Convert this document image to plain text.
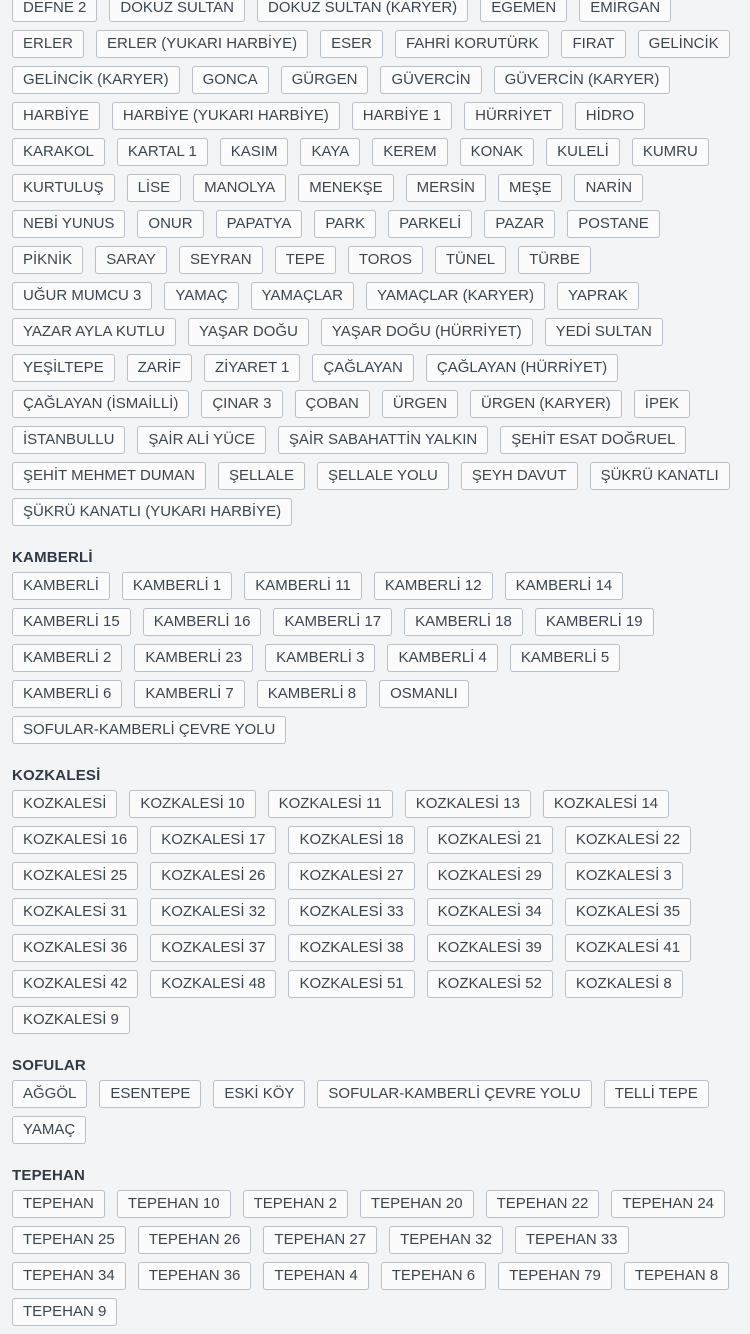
DEFNE 2	DOKUZ SULTAN	DOKUZ SULTAN (KARYER)	EGEMEN	EMİRGAN
ERLER	ERLER (YUKARI HARBİYE)	ESER	FAHRİ KORUTÜRK	FIRAT	GELİNCİK
GELİNCİK (KARYER)	GONCA	GÜRGEN	GÜVERCİN	GÜVERCİN (KARYER)
HARBİYE	HARBİYE (YUKARI HARBİYE)	HARBİYE 1	HÜRRİYET	HİDRO
KARAKOL	KARTAL 1	KASIM	KAYA	KEREM	KONAK	KULELİ	KUMRU
KURTULUŞ	LİSE	MANOLYA	MENEKŞE	MERSİN	MEŞE	NARİN
NEBİ YUNUS	ONUR	PAPATYA	PARK	PARKELİ	PAZAR	POSTANE
PİKNİK	SARAY	SEYRAN	TEPE	TOROS	TÜNEL	TÜRBE
UĞUR MUMCU 3	YAMAÇ	YAMAÇLAR	YAMAÇLAR (KARYER)	YAPRAK
YAZAR AYLA KUTLU	YAŞAR DOĞU	YAŞAR DOĞU (HÜRRİYET)	YEDİ SULTAN
YEŞİLTEPE	ZARİF	ZİYARET 1	ÇAĞLAYAN	ÇAĞLAYAN (HÜRRİYET)
ÇAĞLAYAN (İSMAİLLİ)	ÇINAR 3	ÇOBAN	ÜRGEN	ÜRGEN (KARYER)	İPEK
İSTANBULLU	ŞAİR ALİ YÜCE	ŞAİR SABAHATTİN YALKIN	ŞEHİT ESAT DOĞRUEL
ŞEHİT MEHMET DUMAN	ŞELLALE	ŞELLALE YOLU	ŞEYH DAVUT	ŞÜKRÜ KANATLI
ŞÜKRÜ KANATLI (YUKARI HARBİYE)
KAMBERLİ
KAMBERLİ	KAMBERLİ 1	KAMBERLİ 11	KAMBERLİ 12	KAMBERLİ 14
KAMBERLİ 15	KAMBERLİ 16	KAMBERLİ 17	KAMBERLİ 18	KAMBERLİ 19
KAMBERLİ 2	KAMBERLİ 23	KAMBERLİ 3	KAMBERLİ 4	KAMBERLİ 5
KAMBERLİ 6	KAMBERLİ 7	KAMBERLİ 8	OSMANLI
SOFULAR-KAMBERLİ ÇEVRE YOLU
KOZKALESİ
KOZKALESİ	KOZKALESİ 10	KOZKALESİ 11	KOZKALESİ 13	KOZKALESİ 14
KOZKALESİ 16	KOZKALESİ 17	KOZKALESİ 18	KOZKALESİ 21	KOZKALESİ 22
KOZKALESİ 25	KOZKALESİ 26	KOZKALESİ 27	KOZKALESİ 29	KOZKALESİ 3
KOZKALESİ 31	KOZKALESİ 32	KOZKALESİ 33	KOZKALESİ 34	KOZKALESİ 35
KOZKALESİ 36	KOZKALESİ 37	KOZKALESİ 38	KOZKALESİ 39	KOZKALESİ 41
KOZKALESİ 42	KOZKALESİ 48	KOZKALESİ 51	KOZKALESİ 52	KOZKALESİ 8
KOZKALESİ 9
SOFULAR
AĞGÖL	ESENTEPE	ESKİ KÖY	SOFULAR-KAMBERLİ ÇEVRE YOLU	TELLİ TEPE
YAMAÇ
TEPEHAN
TEPEHAN	TEPEHAN 10	TEPEHAN 2	TEPEHAN 20	TEPEHAN 22	TEPEHAN 24
TEPEHAN 25	TEPEHAN 26	TEPEHAN 27	TEPEHAN 32	TEPEHAN 33
TEPEHAN 34	TEPEHAN 36	TEPEHAN 4	TEPEHAN 6	TEPEHAN 79	TEPEHAN 8
TEPEHAN 9
